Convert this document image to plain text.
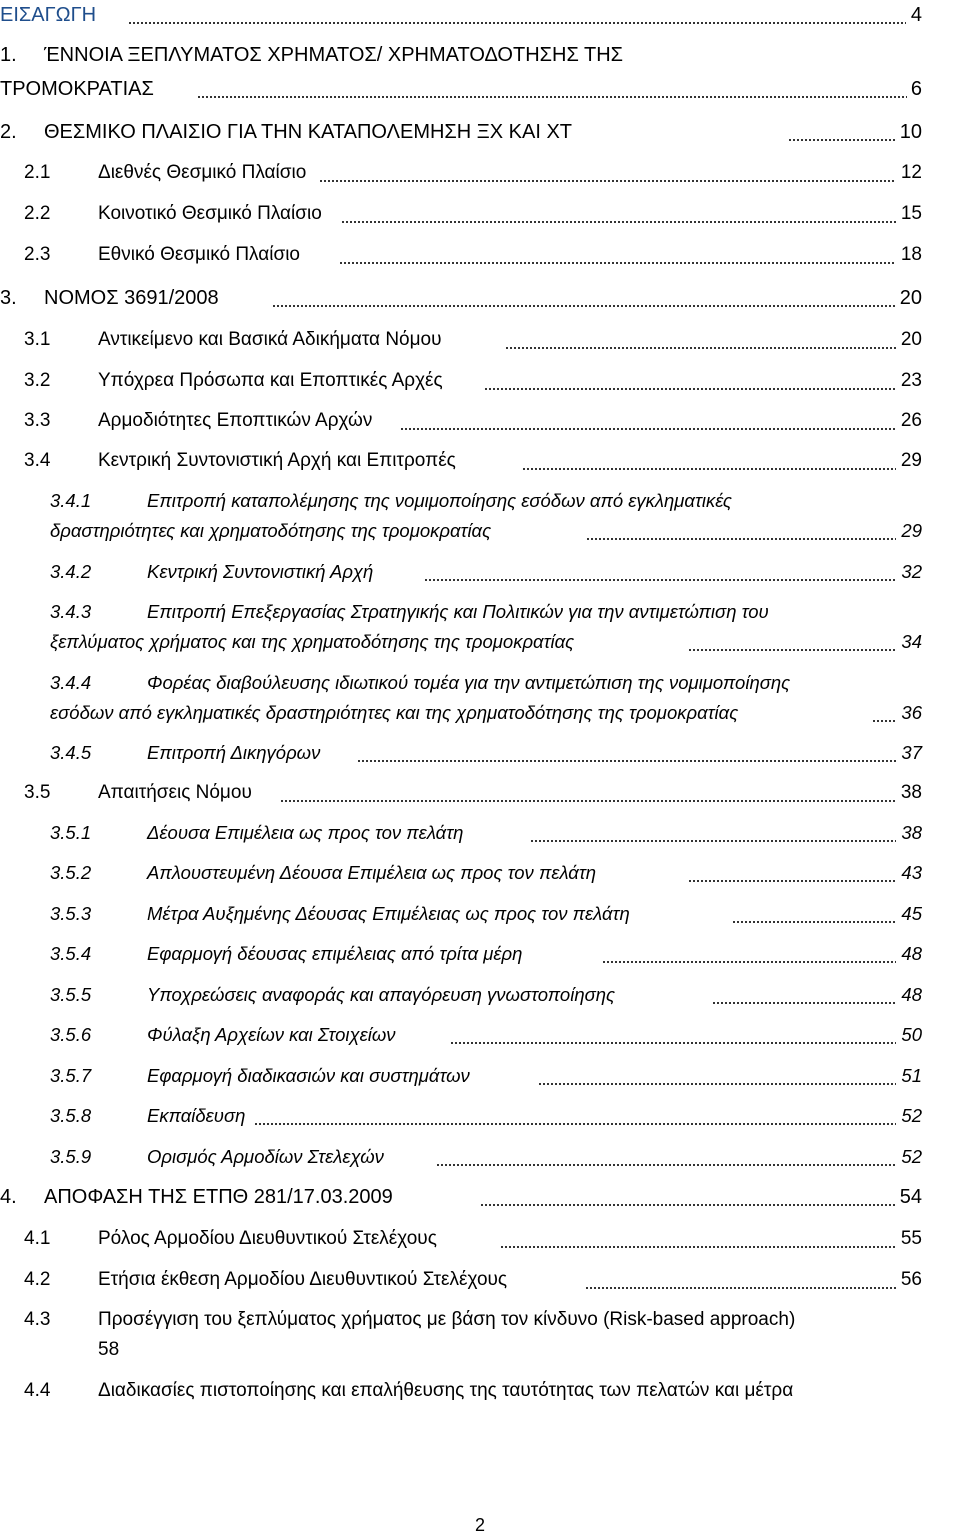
ΕΙΣΑΓΩΓΗ	4
1. ΈΝΝΟΙΑ ΞΕΠΛΥΜΑΤΟΣ ΧΡΗΜΑΤΟΣ/ ΧΡΗΜΑΤΟΔΟΤΗΣΗΣ ΤΗΣ
ΤΡΟΜΟΚΡΑΤΙΑΣ	6
2. ΘΕΣΜΙΚΟ ΠΛΑΙΣΙΟ ΓΙΑ ΤΗΝ ΚΑΤΑΠΟΛΕΜΗΣΗ ΞΧ ΚΑΙ ΧΤ	10
2.1	Διεθνές Θεσμικό Πλαίσιο	12
2.2	Κοινοτικό Θεσμικό Πλαίσιο	15
2.3	Εθνικό Θεσμικό Πλαίσιο	18
3. ΝΟΜΟΣ 3691/2008	20
3.1	Αντικείμενο και Βασικά Αδικήματα Νόμου	20
3.2	Υπόχρεα Πρόσωπα και Εποπτικές Αρχές	23
3.3	Αρμοδιότητες Εποπτικών Αρχών	26
3.4	Κεντρική Συντονιστική Αρχή και Επιτροπές	29
3.4.1	Επιτροπή καταπολέμησης της νομιμοποίησης εσόδων από εγκληματικές
δραστηριότητες και χρηματοδότησης της τρομοκρατίας	29
3.4.2	Κεντρική Συντονιστική Αρχή	32
3.4.3	Επιτροπή Επεξεργασίας Στρατηγικής και Πολιτικών για την αντιμετώπιση του
ξεπλύματος χρήματος και της χρηματοδότησης της τρομοκρατίας	34
3.4.4	Φορέας διαβούλευσης ιδιωτικού τομέα για την αντιμετώπιση της νομιμοποίησης
εσόδων από εγκληματικές δραστηριότητες και της χρηματοδότησης της τρομοκρατίας	36
3.4.5	Επιτροπή Δικηγόρων	37
3.5	Απαιτήσεις Νόμου	38
3.5.1	Δέουσα Επιμέλεια ως προς τον πελάτη	38
3.5.2	Απλουστευμένη Δέουσα Επιμέλεια ως προς τον πελάτη	43
3.5.3	Μέτρα Αυξημένης Δέουσας Επιμέλειας ως προς τον πελάτη	45
3.5.4	Εφαρμογή δέουσας επιμέλειας από τρίτα μέρη	48
3.5.5	Υποχρεώσεις αναφοράς και απαγόρευση γνωστοποίησης	48
3.5.6	Φύλαξη Αρχείων και Στοιχείων	50
3.5.7	Εφαρμογή διαδικασιών και συστημάτων	51
3.5.8	Εκπαίδευση	52
3.5.9	Ορισμός Αρμοδίων Στελεχών	52
4. ΑΠΟΦΑΣΗ ΤΗΣ ΕΤΠΘ 281/17.03.2009	54
4.1	Ρόλος Αρμοδίου Διευθυντικού Στελέχους	55
4.2	Ετήσια έκθεση Αρμοδίου Διευθυντικού Στελέχους	56
4.3	Προσέγγιση του ξεπλύματος χρήματος με βάση τον κίνδυνο (Risk-based approach)
58
4.4	Διαδικασίες πιστοποίησης και επαλήθευσης της ταυτότητας των πελατών και μέτρα
2
